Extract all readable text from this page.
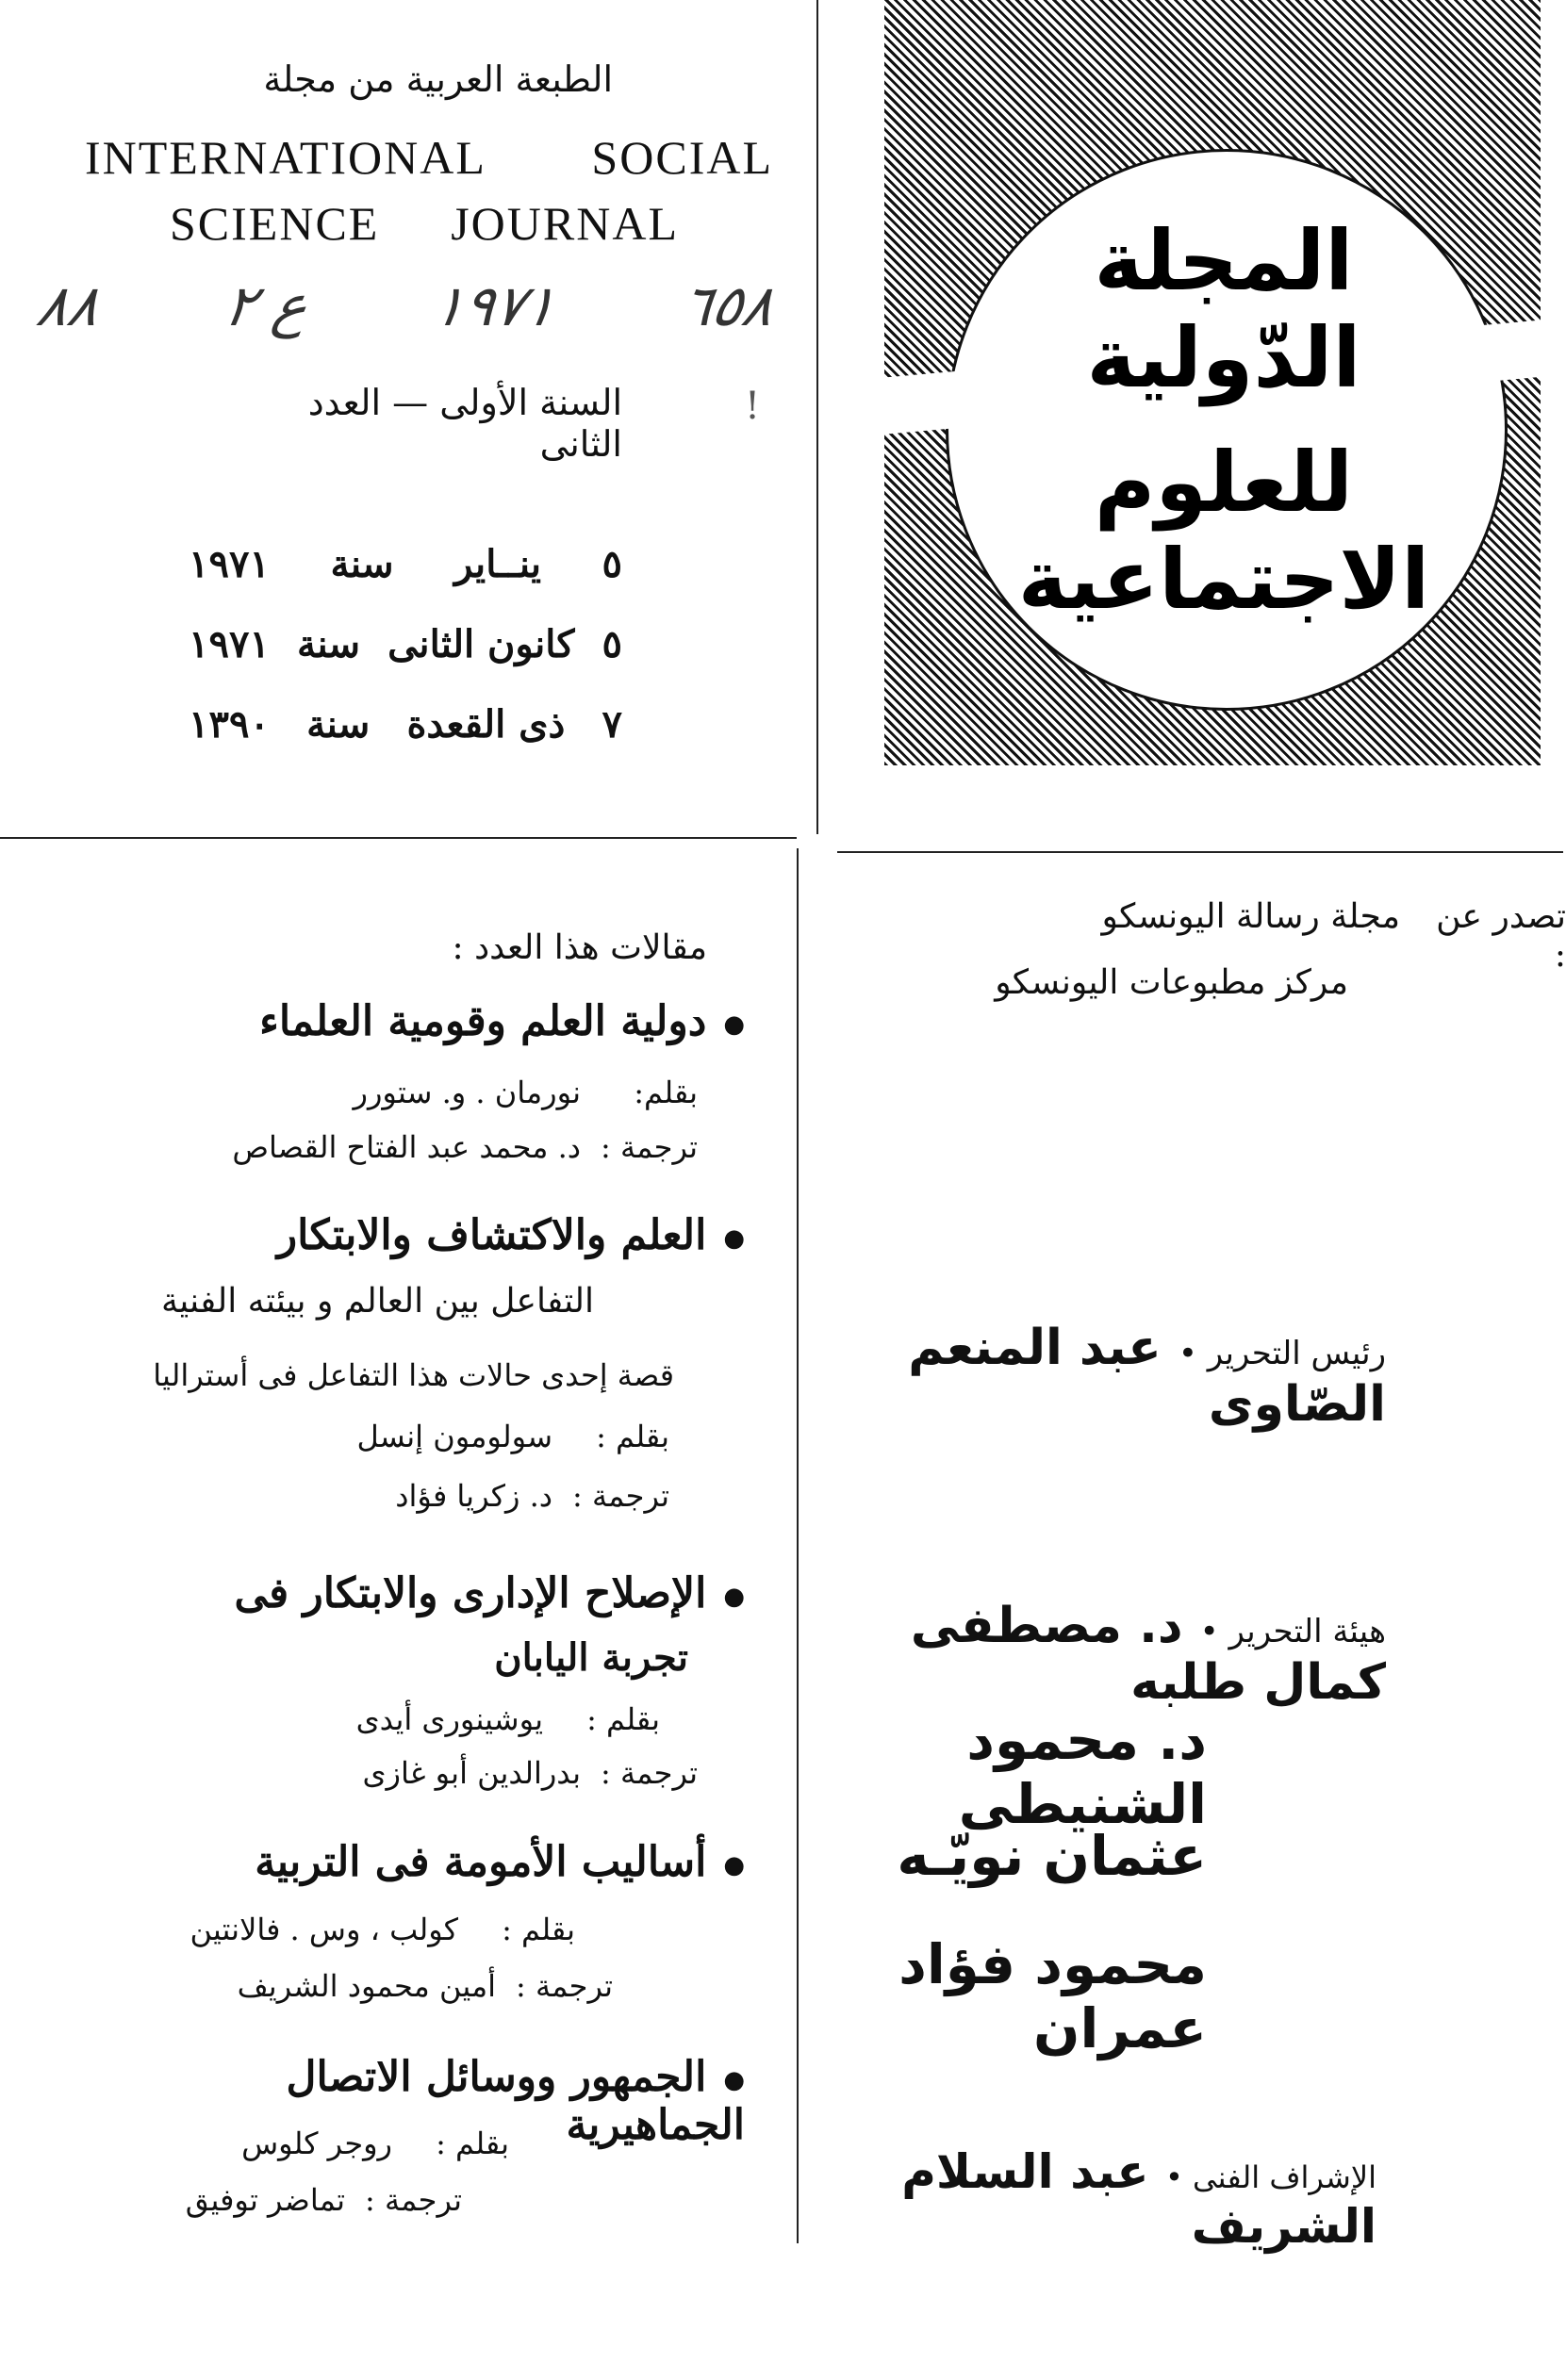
الطبعة العربية من مجلة
INTERNATIONAL SOCIAL
SCIENCE JOURNAL
٨٨ ع ٢ ١٩٧١ ٦٥٨
السنة الأولى — العدد الثانى
!
٥
ينــاير
سنة
١٩٧١
٥
كانون الثانى
سنة
١٩٧١
٧
ذى القعدة
سنة
١٣٩٠
المجلة الدّولية
للعلوم الاجتماعية
تصدر عن :
مجلة رسالة اليونسكو
مركز مطبوعات اليونسكو
رئيس التحرير • عبد المنعم الصّاوى
هيئة التحرير • د. مصطفى كمال طلبه
د. محمود الشنيطى
عثمان نويّـه
محمود فؤاد عمران
الإشراف الفنى • عبد السلام الشريف
مقالات هذا العدد :
● دولية العلم وقومية العلماء
بقلم:
نورمان . و. ستورر
ترجمة :
د. محمد عبد الفتاح القصاص
● العلم والاكتشاف والابتكار
التفاعل بين العالم و بيئته الفنية
قصة إحدى حالات هذا التفاعل فى أستراليا
بقلم :
سولومون إنسل
ترجمة :
د. زكريا فؤاد
● الإصلاح الإدارى والابتكار فى
تجربة اليابان
بقلم :
يوشينورى أيدى
ترجمة :
بدرالدين أبو غازى
● أساليب الأمومة فى التربية
بقلم :
كولب ، وس . فالانتين
ترجمة :
أمين محمود الشريف
● الجمهور ووسائل الاتصال الجماهيرية
بقلم :
روجر كلوس
ترجمة :
تماضر توفيق
